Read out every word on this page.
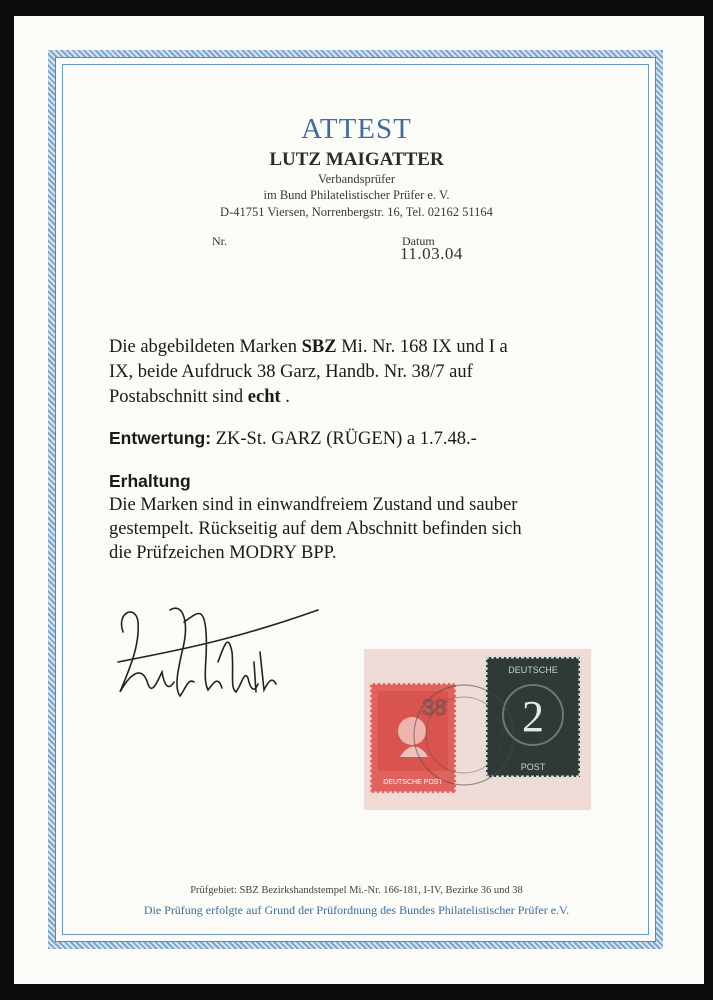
ATTEST
LUTZ MAIGATTER
Verbandsprüfer
im Bund Philatelistischer Prüfer e. V.
D-41751 Viersen, Norrenbergstr. 16, Tel. 02162 51164
Nr.	Datum
11.03.04
Die abgebildeten Marken SBZ Mi. Nr. 168 IX und I a
IX, beide Aufdruck 38 Garz, Handb. Nr. 38/7 auf
Postabschnitt sind echt .
Entwertung: ZK-St. GARZ (RÜGEN) a 1.7.48.-
Erhaltung
Die Marken sind in einwandfreiem Zustand und sauber
gestempelt. Rückseitig auf dem Abschnitt befinden sich
die Prüfzeichen MODRY BPP.
DEUTSCHE POST
DEUTSCHE
2
POST
38
Prüfgebiet: SBZ Bezirkshandstempel Mi.-Nr. 166-181, I-IV, Bezirke 36 und 38
Die Prüfung erfolgte auf Grund der Prüfordnung des Bundes Philatelistischer Prüfer e.V.
